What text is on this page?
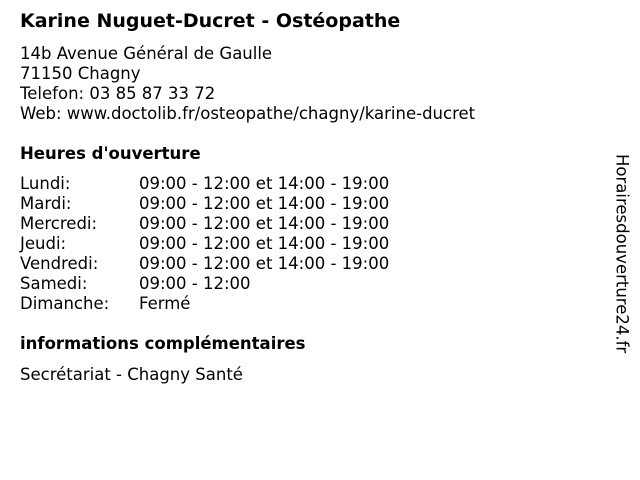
Karine Nuguet-Ducret - Ostéopathe
14b Avenue Général de Gaulle
71150 Chagny
Telefon: 03 85 87 33 72
Web: www.doctolib.fr/osteopathe/chagny/karine-ducret
Heures d'ouverture
Lundi:	09:00 - 12:00 et 14:00 - 19:00
Mardi:	09:00 - 12:00 et 14:00 - 19:00
Mercredi:	09:00 - 12:00 et 14:00 - 19:00
Jeudi:	09:00 - 12:00 et 14:00 - 19:00
Vendredi:	09:00 - 12:00 et 14:00 - 19:00
Samedi:	09:00 - 12:00
Dimanche:	Fermé
informations complémentaires
Secrétariat - Chagny Santé
Horairesdouverture24.fr
